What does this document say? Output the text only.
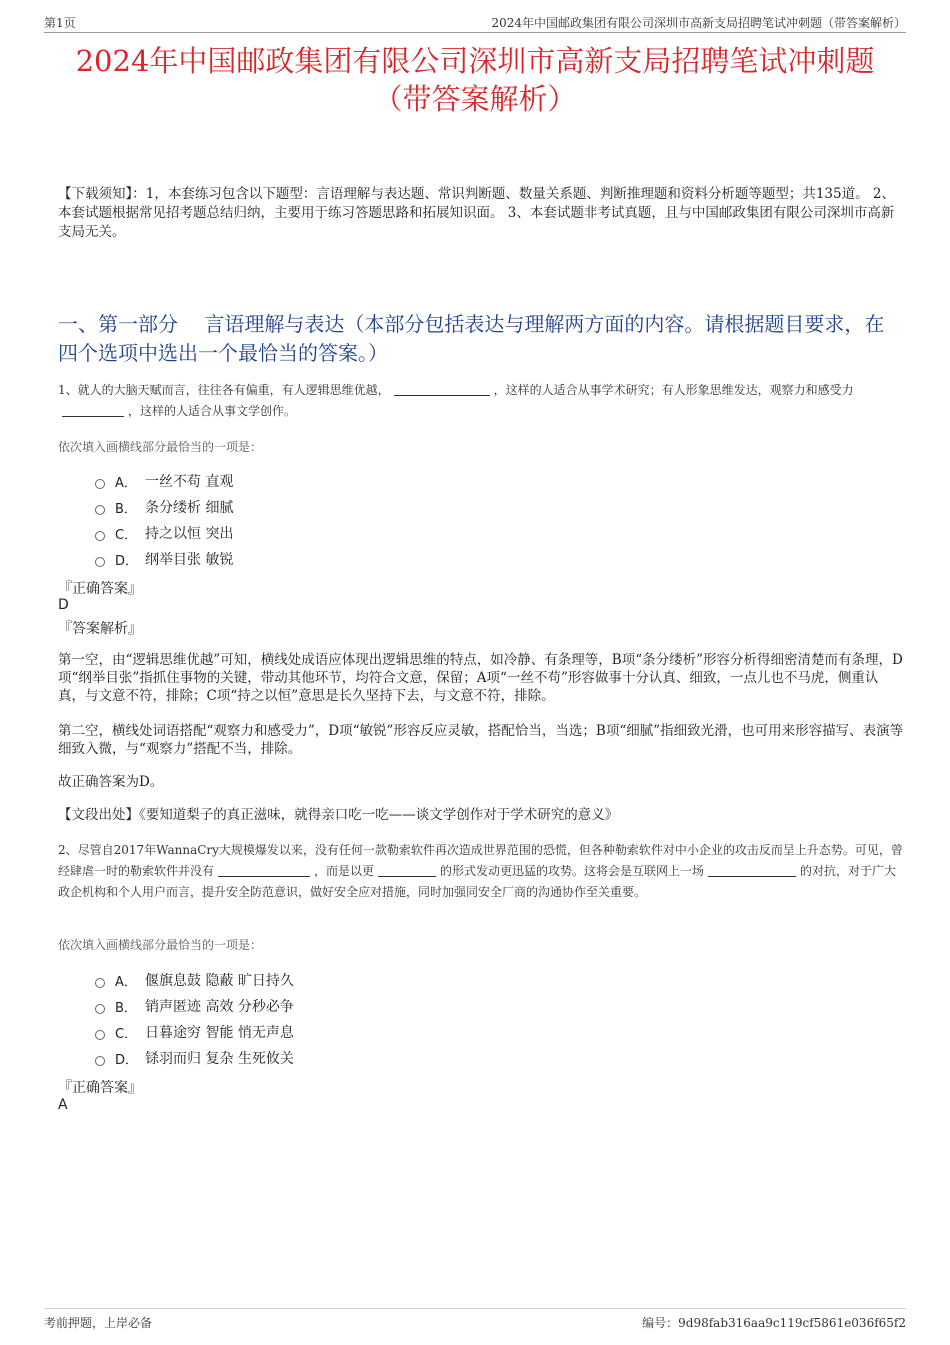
第1页	2024年中国邮政集团有限公司深圳市高新支局招聘笔试冲刺题（带答案解析）
2024年中国邮政集团有限公司深圳市高新支局招聘笔试冲刺题
（带答案解析）
【下载须知】：1，本套练习包含以下题型：言语理解与表达题、常识判断题、数量关系题、判断推理题和资料分析题等题型；共135道。 2、本套试题根据常见招考题总结归纳，主要用于练习答题思路和拓展知识面。 3、本套试题非考试真题，且与中国邮政集团有限公司深圳市高新支局无关。
一、第一部分　 言语理解与表达（本部分包括表达与理解两方面的内容。请根据题目要求，在四个选项中选出一个最恰当的答案。）
1、就人的大脑天赋而言，往往各有偏重，有人逻辑思维优越，	，这样的人适合从事学术研究；有人形象思维发达，观察力和感受力，这样的人适合从事文学创作。
依次填入画横线部分最恰当的一项是：
A． 一丝不苟 直观
B． 条分缕析 细腻
C． 持之以恒 突出
D． 纲举目张 敏锐
『正确答案』
D
『答案解析』

第一空，由“逻辑思维优越”可知，横线处成语应体现出逻辑思维的特点，如冷静、有条理等，B项“条分缕析”形容分析得细密清楚而有条理，D项“纲举目张”指抓住事物的关键，带动其他环节，均符合文意，保留；A项“一丝不苟”形容做事十分认真、细致，一点儿也不马虎，侧重认真，与文意不符，排除；C项“持之以恒”意思是长久坚持下去，与文意不符，排除。

第二空，横线处词语搭配“观察力和感受力”，D项“敏锐”形容反应灵敏，搭配恰当，当选；B项“细腻”指细致光滑，也可用来形容描写、表演等细致入微，与“观察力”搭配不当，排除。

故正确答案为D。

【文段出处】《要知道梨子的真正滋味，就得亲口吃一吃——谈文学创作对于学术研究的意义》

2、尽管自2017年WannaCry大规模爆发以来，没有任何一款勒索软件再次造成世界范围的恐慌，但各种勒索软件对中小企业的攻击反而呈上升态势。可见，曾经肆虐一时的勒索软件并没有	，而是以更	的形式发动更迅猛的攻势。这将会是互联网上一场	的对抗，对于广大政企机构和个人用户而言，提升安全防范意识，做好安全应对措施，同时加强同安全厂商的沟通协作至关重要。
依次填入画横线部分最恰当的一项是：
A． 偃旗息鼓 隐蔽 旷日持久
B． 销声匿迹 高效 分秒必争
C． 日暮途穷 智能 悄无声息
D． 铩羽而归 复杂 生死攸关
『正确答案』
A
考前押题，上岸必备	编号：9d98fab316aa9c119cf5861e036f65f2
